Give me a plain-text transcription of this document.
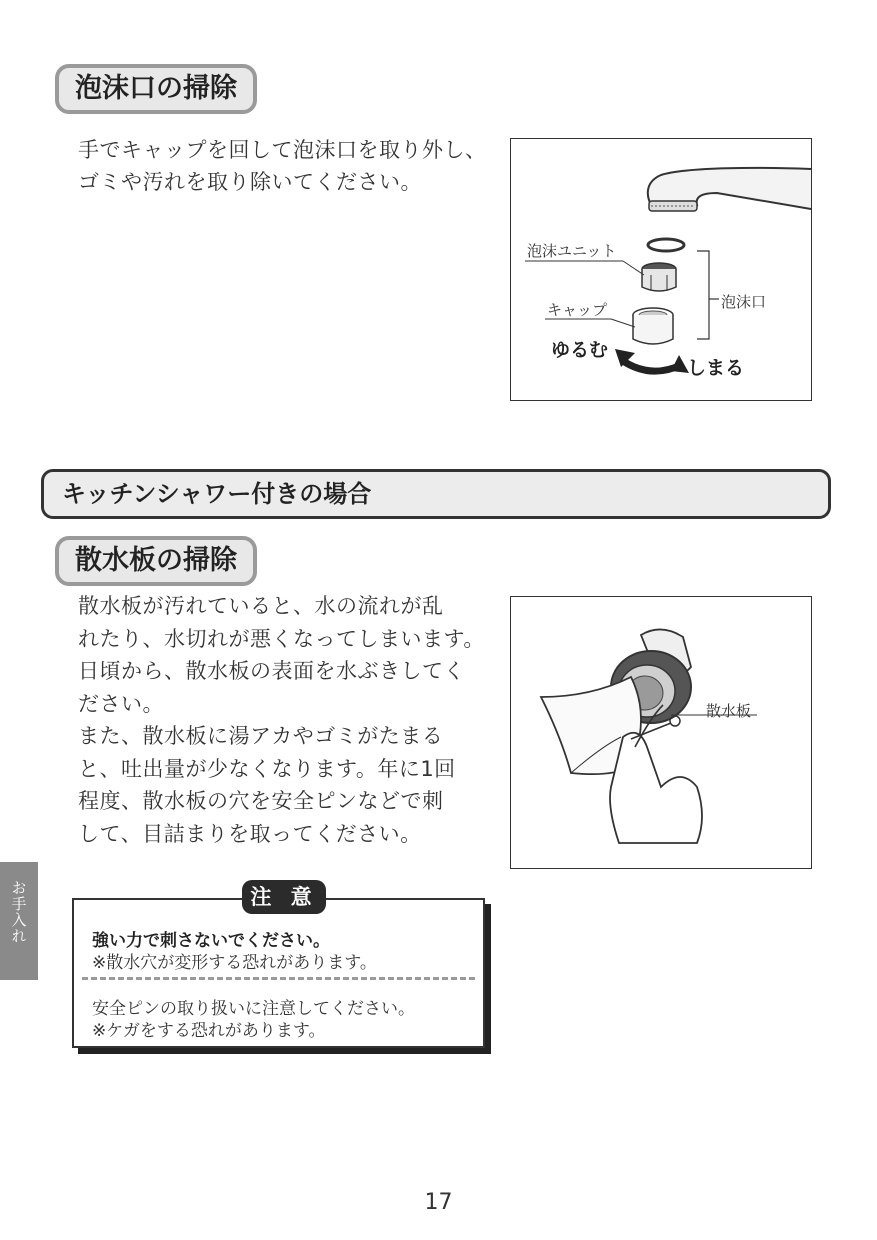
泡沫口の掃除

手でキャップを回して泡沫口を取り外し、

ゴミや汚れを取り除いてください。

泡沫ユニット
泡沫口
キャップ
ゆるむ
しまる
キッチンシャワー付きの場合
散水板の掃除

散水板が汚れていると、水の流れが乱

れたり、水切れが悪くなってしまいます。

日頃から、散水板の表面を水ぶきしてく

ださい。

また、散水板に湯アカやゴミがたまる

と、吐出量が少なくなります。年に1回

程度、散水板の穴を安全ピンなどで刺

して、目詰まりを取ってください。

散水板
お手入れ	強い力で刺さないでください。
※散水穴が変形する恐れがあります。
安全ピンの取り扱いに注意してください。
※ケガをする恐れがあります。
注 意
17
